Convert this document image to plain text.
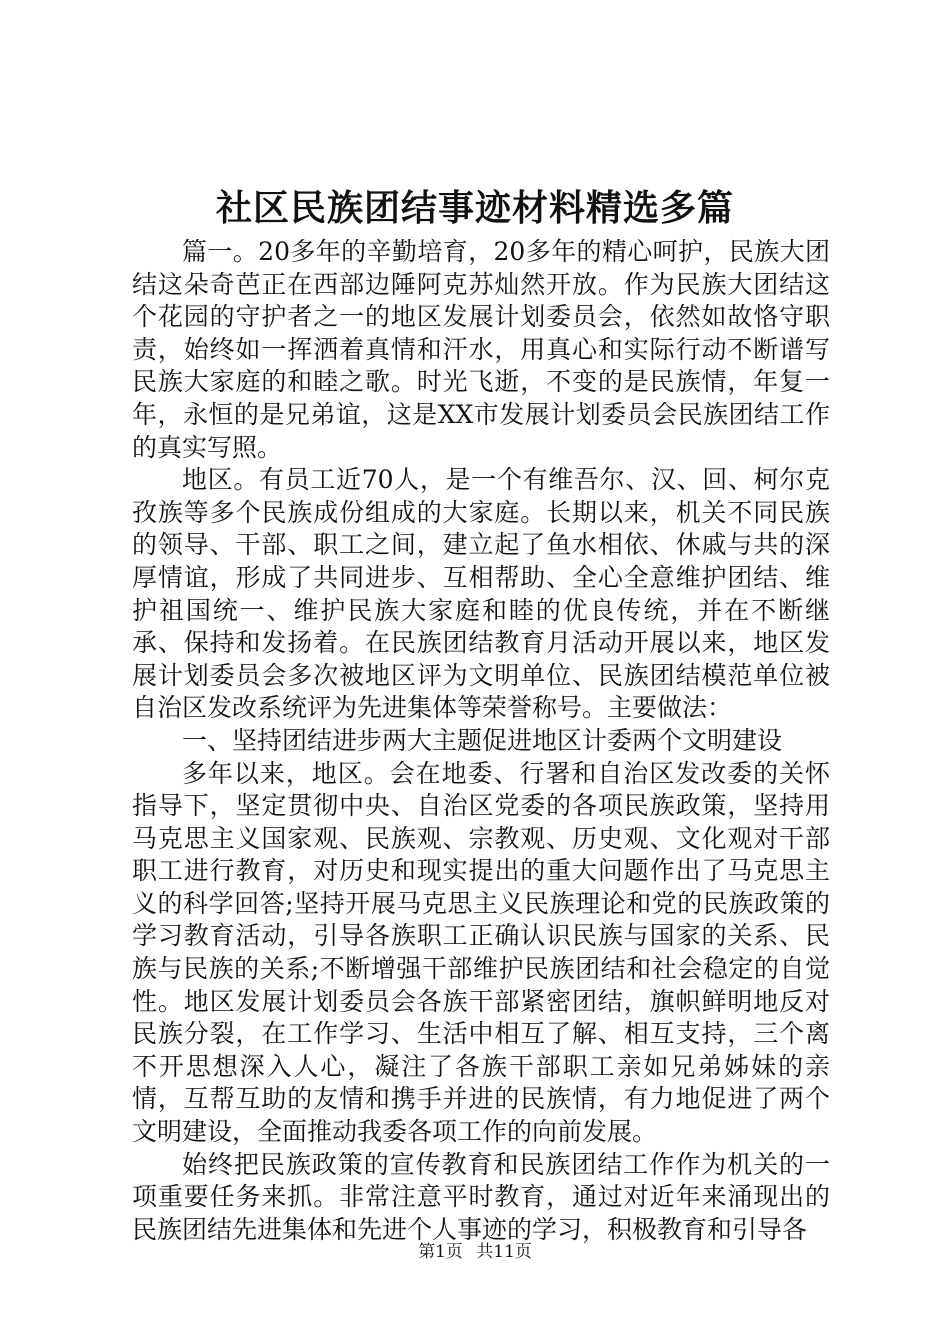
社区民族团结事迹材料精选多篇

篇一。20多年的辛勤培育，20多年的精心呵护，民族大团结这朵奇芭正在西部边陲阿克苏灿然开放。作为民族大团结这个花园的守护者之一的地区发展计划委员会，依然如故恪守职责，始终如一挥洒着真情和汗水，用真心和实际行动不断谱写民族大家庭的和睦之歌。时光飞逝，不变的是民族情，年复一年，永恒的是兄弟谊，这是XX市发展计划委员会民族团结工作的真实写照。

地区。有员工近70人，是一个有维吾尔、汉、回、柯尔克孜族等多个民族成份组成的大家庭。长期以来，机关不同民族的领导、干部、职工之间，建立起了鱼水相依、休戚与共的深厚情谊，形成了共同进步、互相帮助、全心全意维护团结、维护祖国统一、维护民族大家庭和睦的优良传统，并在不断继承、保持和发扬着。在民族团结教育月活动开展以来，地区发展计划委员会多次被地区评为文明单位、民族团结模范单位被自治区发改系统评为先进集体等荣誉称号。主要做法：

一、坚持团结进步两大主题促进地区计委两个文明建设

多年以来，地区。会在地委、行署和自治区发改委的关怀指导下，坚定贯彻中央、自治区党委的各项民族政策，坚持用马克思主义国家观、民族观、宗教观、历史观、文化观对干部职工进行教育，对历史和现实提出的重大问题作出了马克思主义的科学回答;坚持开展马克思主义民族理论和党的民族政策的学习教育活动，引导各族职工正确认识民族与国家的关系、民族与民族的关系;不断增强干部维护民族团结和社会稳定的自觉性。地区发展计划委员会各族干部紧密团结，旗帜鲜明地反对民族分裂，在工作学习、生活中相互了解、相互支持，三个离不开思想深入人心，凝注了各族干部职工亲如兄弟姊妹的亲情，互帮互助的友情和携手并进的民族情，有力地促进了两个文明建设，全面推动我委各项工作的向前发展。

始终把民族政策的宣传教育和民族团结工作作为机关的一项重要任务来抓。非常注意平时教育，通过对近年来涌现出的民族团结先进集体和先进个人事迹的学习，积极教育和引导各

第1页 共11页
